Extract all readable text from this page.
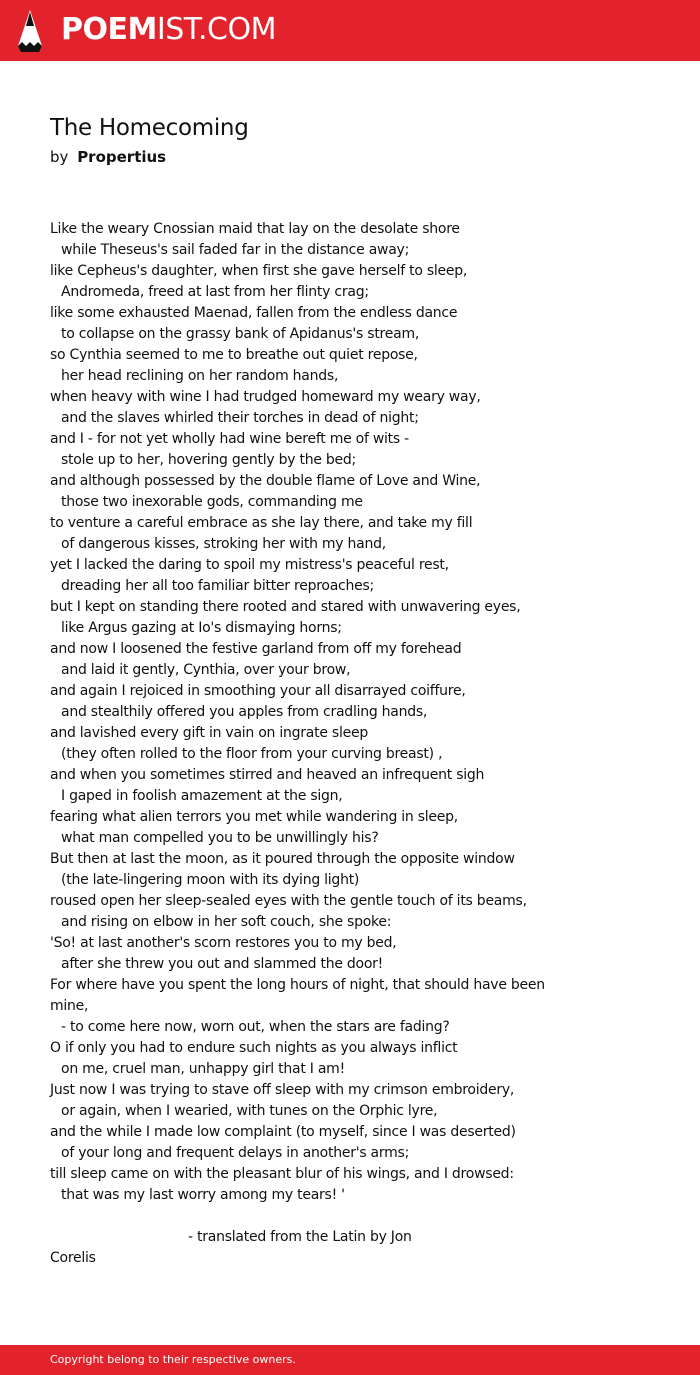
POEMIST.COM
The Homecoming
by Propertius
Like the weary Cnossian maid that lay on the desolate shore
while Theseus's sail faded far in the distance away;
like Cepheus's daughter, when first she gave herself to sleep,
Andromeda, freed at last from her flinty crag;
like some exhausted Maenad, fallen from the endless dance
to collapse on the grassy bank of Apidanus's stream,
so Cynthia seemed to me to breathe out quiet repose,
her head reclining on her random hands,
when heavy with wine I had trudged homeward my weary way,
and the slaves whirled their torches in dead of night;
and I - for not yet wholly had wine bereft me of wits -
stole up to her, hovering gently by the bed;
and although possessed by the double flame of Love and Wine,
those two inexorable gods, commanding me
to venture a careful embrace as she lay there, and take my fill
of dangerous kisses, stroking her with my hand,
yet I lacked the daring to spoil my mistress's peaceful rest,
dreading her all too familiar bitter reproaches;
but I kept on standing there rooted and stared with unwavering eyes,
like Argus gazing at Io's dismaying horns;
and now I loosened the festive garland from off my forehead
and laid it gently, Cynthia, over your brow,
and again I rejoiced in smoothing your all disarrayed coiffure,
and stealthily offered you apples from cradling hands,
and lavished every gift in vain on ingrate sleep
(they often rolled to the floor from your curving breast) ,
and when you sometimes stirred and heaved an infrequent sigh
I gaped in foolish amazement at the sign,
fearing what alien terrors you met while wandering in sleep,
what man compelled you to be unwillingly his?
But then at last the moon, as it poured through the opposite window
(the late-lingering moon with its dying light)
roused open her sleep-sealed eyes with the gentle touch of its beams,
and rising on elbow in her soft couch, she spoke:
'So! at last another's scorn restores you to my bed,
after she threw you out and slammed the door!
For where have you spent the long hours of night, that should have been mine,
- to come here now, worn out, when the stars are fading?
O if only you had to endure such nights as you always inflict
on me, cruel man, unhappy girl that I am!
Just now I was trying to stave off sleep with my crimson embroidery,
or again, when I wearied, with tunes on the Orphic lyre,
and the while I made low complaint (to myself, since I was deserted)
of your long and frequent delays in another's arms;
till sleep came on with the pleasant blur of his wings, and I drowsed:
that was my last worry among my tears! '
- translated from the Latin by Jon
Corelis
Copyright belong to their respective owners.
